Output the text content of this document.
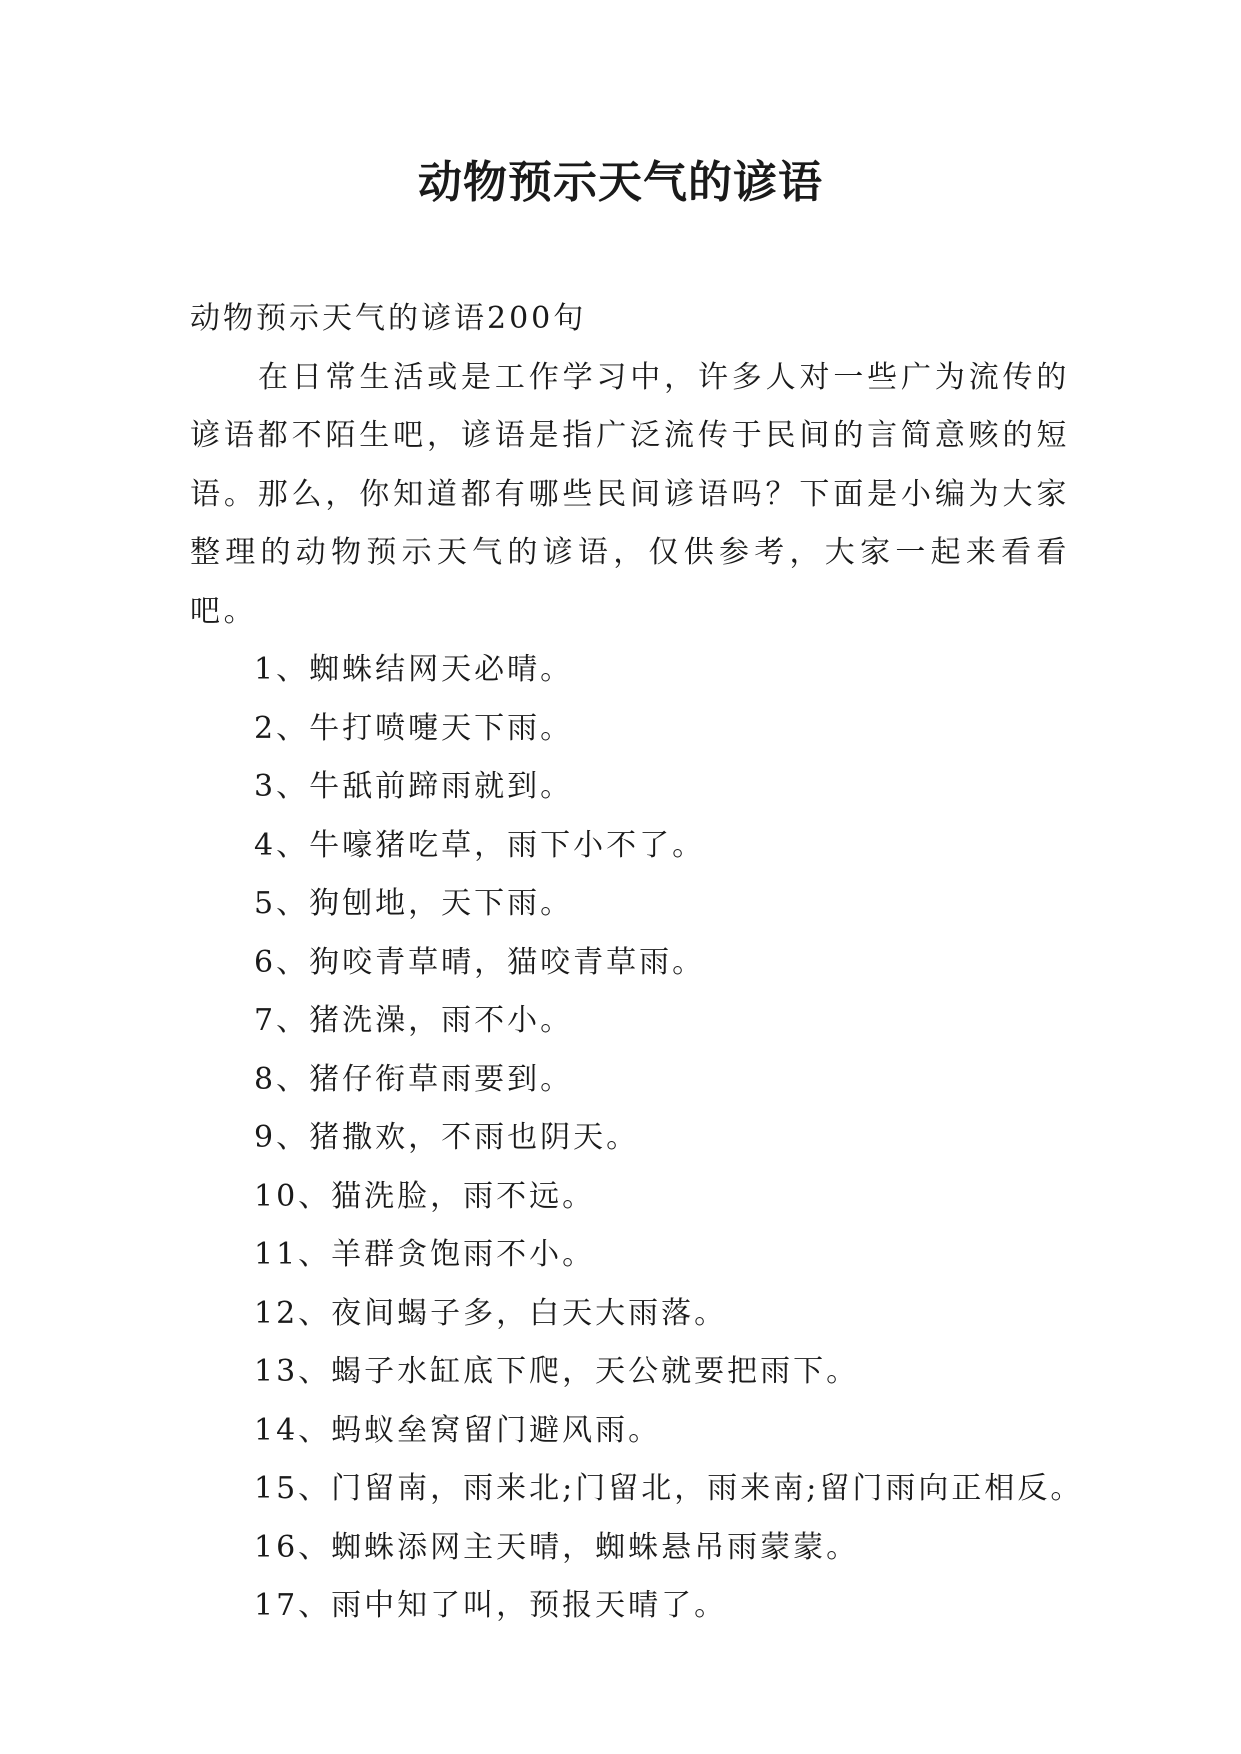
动物预示天气的谚语
动物预示天气的谚语200句

在日常生活或是工作学习中，许多人对一些广为流传的谚语都不陌生吧，谚语是指广泛流传于民间的言简意赅的短语。那么，你知道都有哪些民间谚语吗？下面是小编为大家整理的动物预示天气的谚语，仅供参考，大家一起来看看吧。

1、蜘蛛结网天必晴。
2、牛打喷嚏天下雨。
3、牛舐前蹄雨就到。
4、牛嚎猪吃草，雨下小不了。
5、狗刨地，天下雨。
6、狗咬青草晴，猫咬青草雨。
7、猪洗澡，雨不小。
8、猪仔衔草雨要到。
9、猪撒欢，不雨也阴天。
10、猫洗脸，雨不远。
11、羊群贪饱雨不小。
12、夜间蝎子多，白天大雨落。
13、蝎子水缸底下爬，天公就要把雨下。
14、蚂蚁垒窝留门避风雨。
15、门留南，雨来北;门留北，雨来南;留门雨向正相反。
16、蜘蛛添网主天晴，蜘蛛悬吊雨蒙蒙。
17、雨中知了叫，预报天晴了。
